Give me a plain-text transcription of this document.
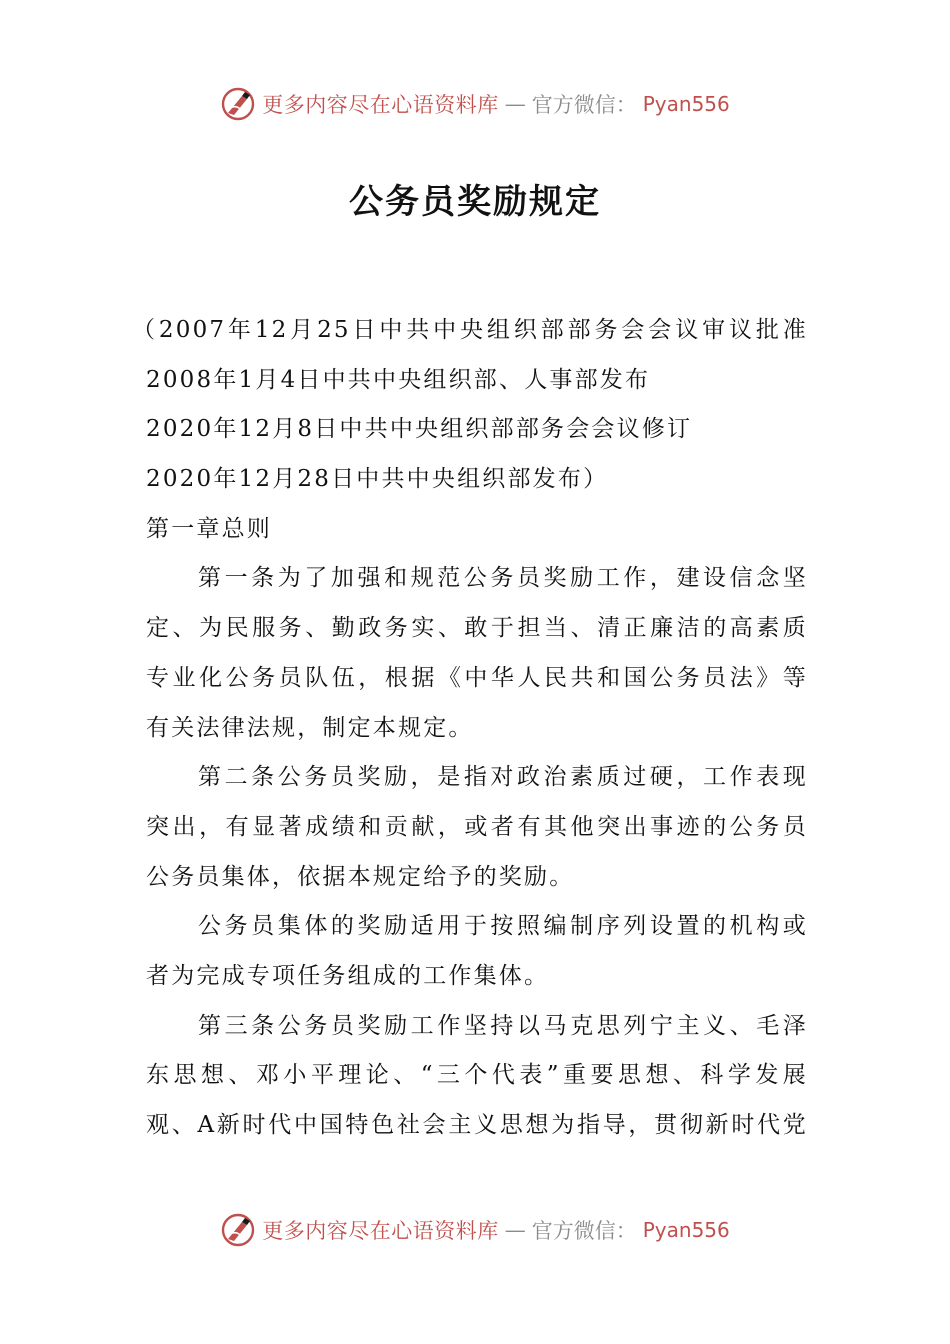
更多内容尽在心语资料库 — 官方微信： Pyan556
公务员奖励规定
（2007年12月25日中共中央组织部部务会会议审议批准
2008年1月4日中共中央组织部、人事部发布
2020年12月8日中共中央组织部部务会会议修订
2020年12月28日中共中央组织部发布）
第一章总则
第一条为了加强和规范公务员奖励工作，建设信念坚
定、为民服务、勤政务实、敢于担当、清正廉洁的高素质
专业化公务员队伍，根据《中华人民共和国公务员法》等
有关法律法规，制定本规定。
第二条公务员奖励，是指对政治素质过硬，工作表现
突出，有显著成绩和贡献，或者有其他突出事迹的公务员
公务员集体，依据本规定给予的奖励。
公务员集体的奖励适用于按照编制序列设置的机构或
者为完成专项任务组成的工作集体。
第三条公务员奖励工作坚持以马克思列宁主义、毛泽
东思想、邓小平理论、“三个代表”重要思想、科学发展
观、A新时代中国特色社会主义思想为指导，贯彻新时代党
更多内容尽在心语资料库 — 官方微信： Pyan556
